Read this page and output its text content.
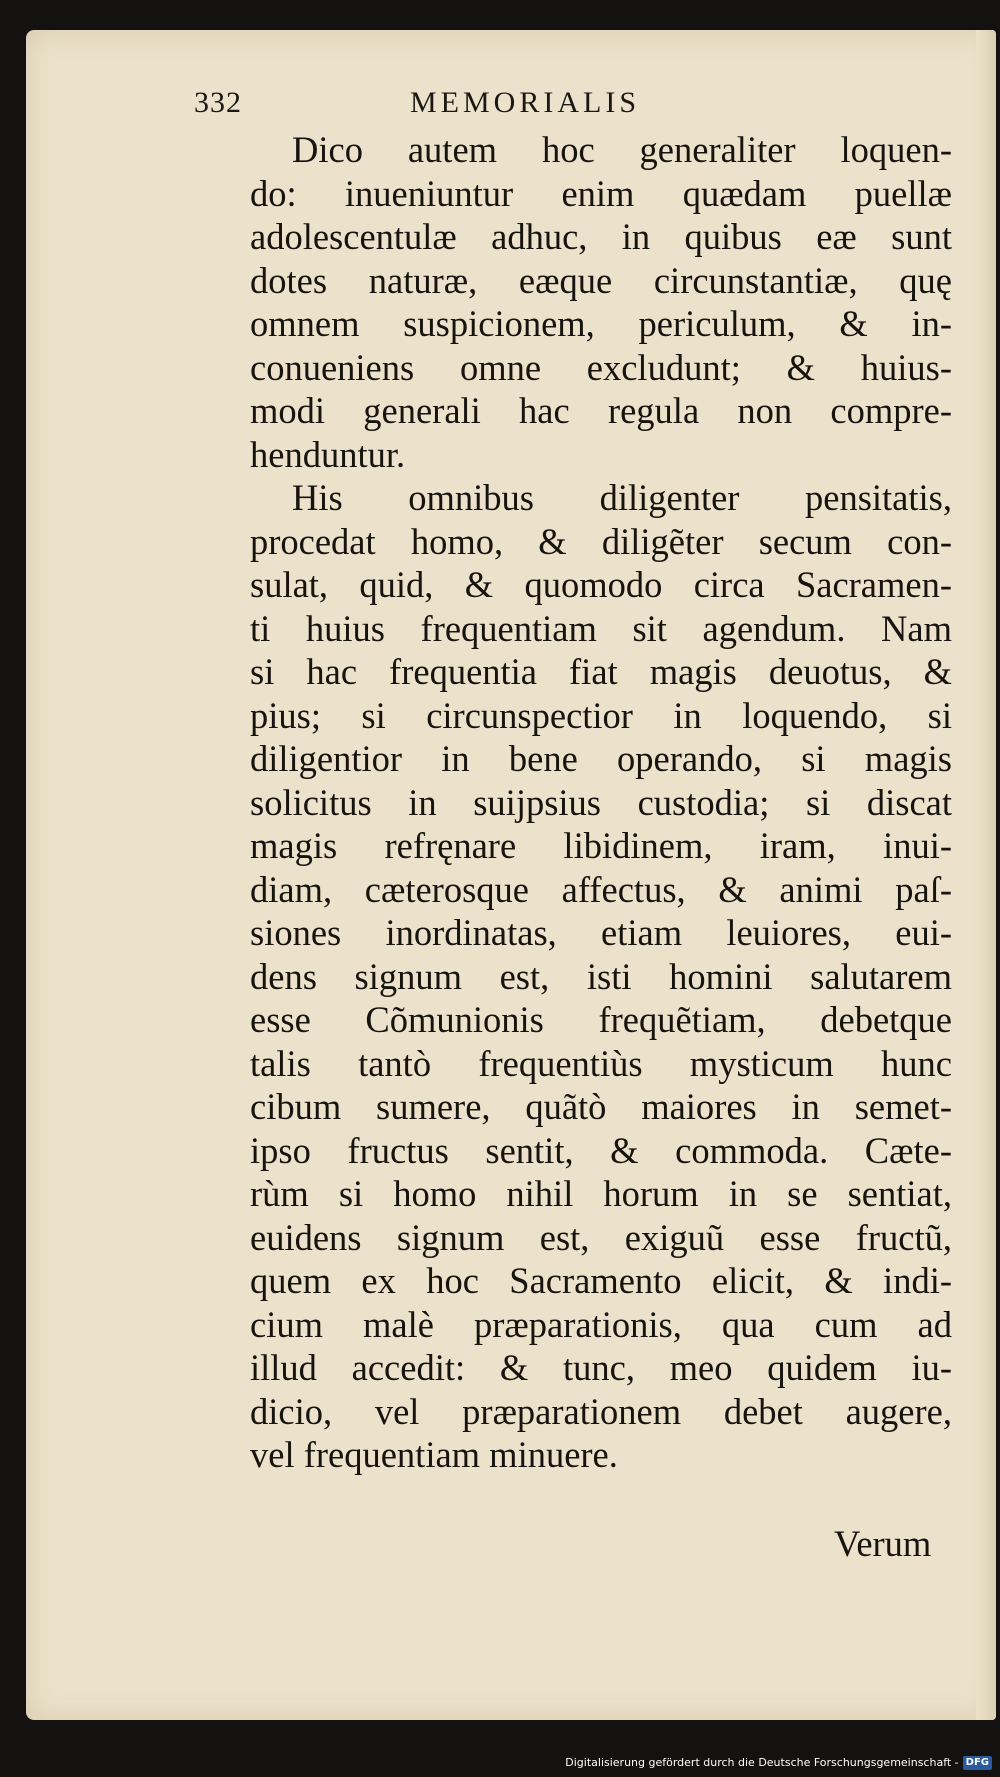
332	MEMORIALIS
Dico autem hoc generaliter loquen-
do: inueniuntur enim quædam puellæ
adolescentulæ adhuc, in quibus eæ sunt
dotes naturæ, eæque circunstantiæ, quę
omnem suspicionem, periculum, & in-
conueniens omne excludunt; & huius-
modi generali hac regula non compre-
henduntur.
His omnibus diligenter pensitatis,
procedat homo, & diligẽter secum con-
sulat, quid, & quomodo circa Sacramen-
ti huius frequentiam sit agendum. Nam
si hac frequentia fiat magis deuotus, &
pius; si circunspectior in loquendo, si
diligentior in bene operando, si magis
solicitus in suijpsius custodia; si discat
magis refręnare libidinem, iram, inui-
diam, cæterosque affectus, & animi paſ-
siones inordinatas, etiam leuiores, eui-
dens signum est, isti homini salutarem
esse Cõmunionis frequẽtiam, debetque
talis tantò frequentiùs mysticum hunc
cibum sumere, quãtò maiores in semet-
ipso fructus sentit, & commoda. Cæte-
rùm si homo nihil horum in se sentiat,
euidens signum est, exiguũ esse fructũ,
quem ex hoc Sacramento elicit, & indi-
cium malè præparationis, qua cum ad
illud accedit: & tunc, meo quidem iu-
dicio, vel præparationem debet augere,
vel frequentiam minuere.
Verum
Digitalisierung gefördert durch die Deutsche Forschungsgemeinschaft - DFG
